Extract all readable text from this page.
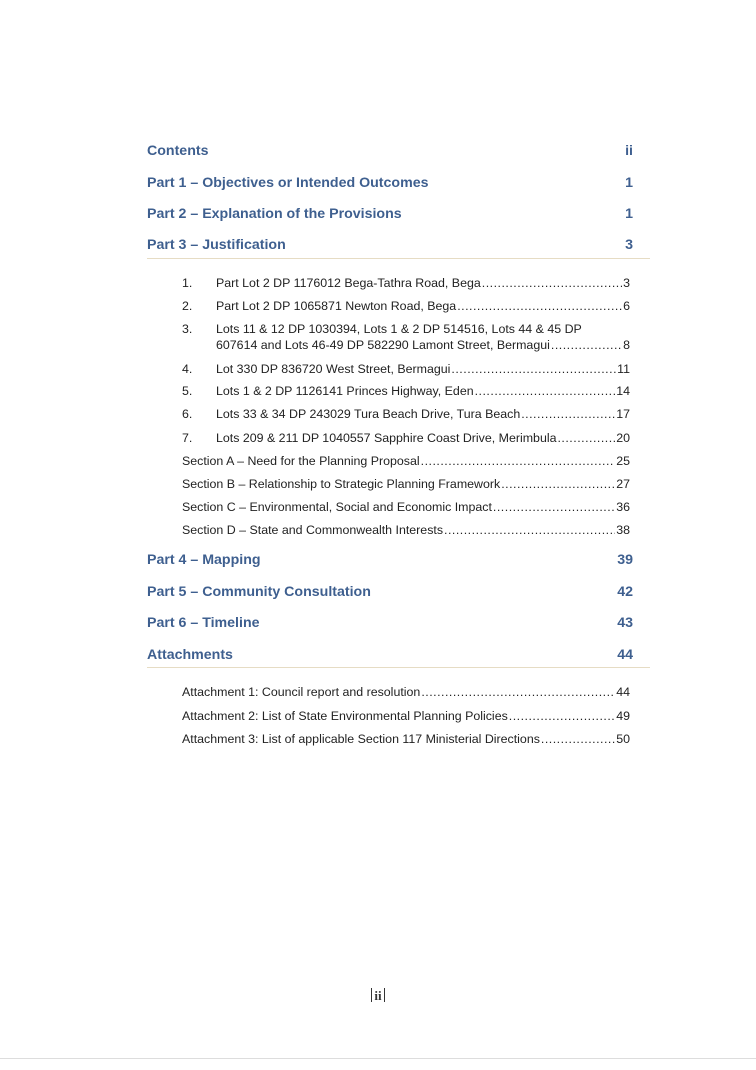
Contents	ii
Part 1 – Objectives or Intended Outcomes	1
Part 2 – Explanation of the Provisions	1
Part 3 – Justification	3
1.	Part Lot 2 DP 1176012 Bega-Tathra Road, Bega .....	3
2.	Part Lot 2 DP 1065871 Newton Road, Bega .....	6
3.	Lots 11 & 12 DP 1030394, Lots 1 & 2 DP 514516, Lots 44 & 45 DP
607614 and Lots 46-49 DP 582290 Lamont Street, Bermagui .....	8
4.	Lot 330 DP 836720 West Street, Bermagui .....	11
5.	Lots 1 & 2 DP 1126141 Princes Highway, Eden .....	14
6.	Lots 33 & 34 DP 243029 Tura Beach Drive, Tura Beach .....	17
7.	Lots 209 & 211 DP 1040557 Sapphire Coast Drive, Merimbula .....	20
Section A – Need for the Planning Proposal .....	25
Section B – Relationship to Strategic Planning Framework .....	27
Section C – Environmental, Social and Economic Impact .....	36
Section D – State and Commonwealth Interests .....	38
Part 4 – Mapping	39
Part 5 – Community Consultation	42
Part 6 – Timeline	43
Attachments	44
Attachment 1: Council report and resolution .....	44
Attachment 2: List of State Environmental Planning Policies .....	49
Attachment 3: List of applicable Section 117 Ministerial Directions .....	50
ii
